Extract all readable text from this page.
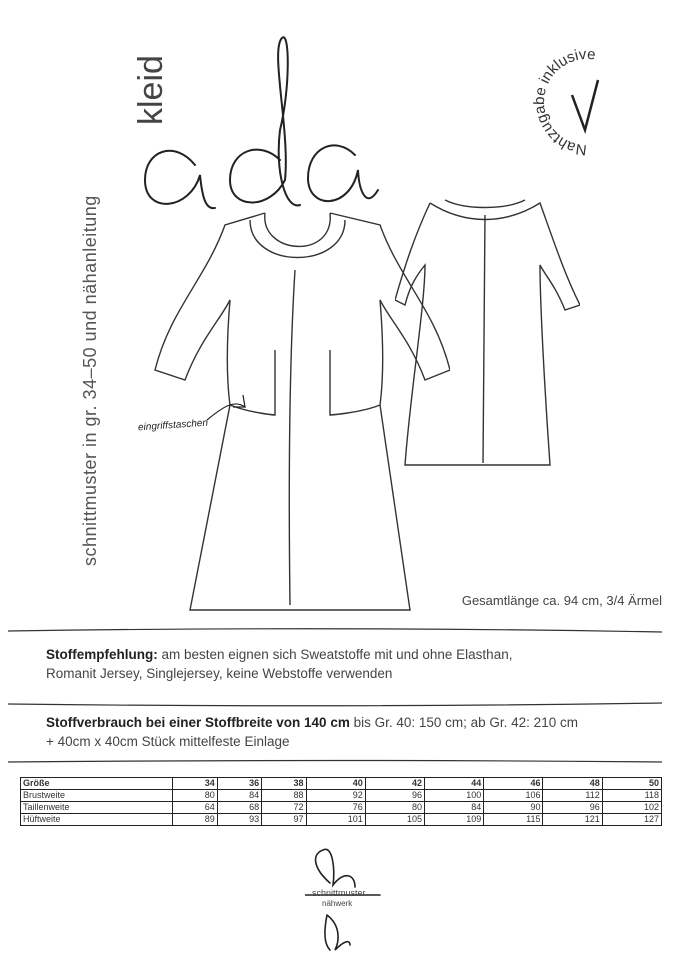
schnittmuster in gr. 34–50 und nähanleitung
kleid
Nahtzugabe inklusive
eingriffstaschen
Gesamtlänge ca. 94 cm, 3/4 Ärmel
Stoffempfehlung: am besten eignen sich Sweatstoffe mit und ohne Elasthan,
Romanit Jersey, Singlejersey, keine Webstoffe verwenden
Stoffverbrauch bei einer Stoffbreite von 140 cm bis Gr. 40: 150 cm; ab Gr. 42: 210 cm
+ 40cm x 40cm Stück mittelfeste Einlage
Größe	34	36	38	40	42	44	46	48	50
Brustweite	80	84	88	92	96	100	106	112	118
Taillenweite	64	68	72	76	80	84	90	96	102
Hüftweite	89	93	97	101	105	109	115	121	127
schnittmuster
nähwerk
